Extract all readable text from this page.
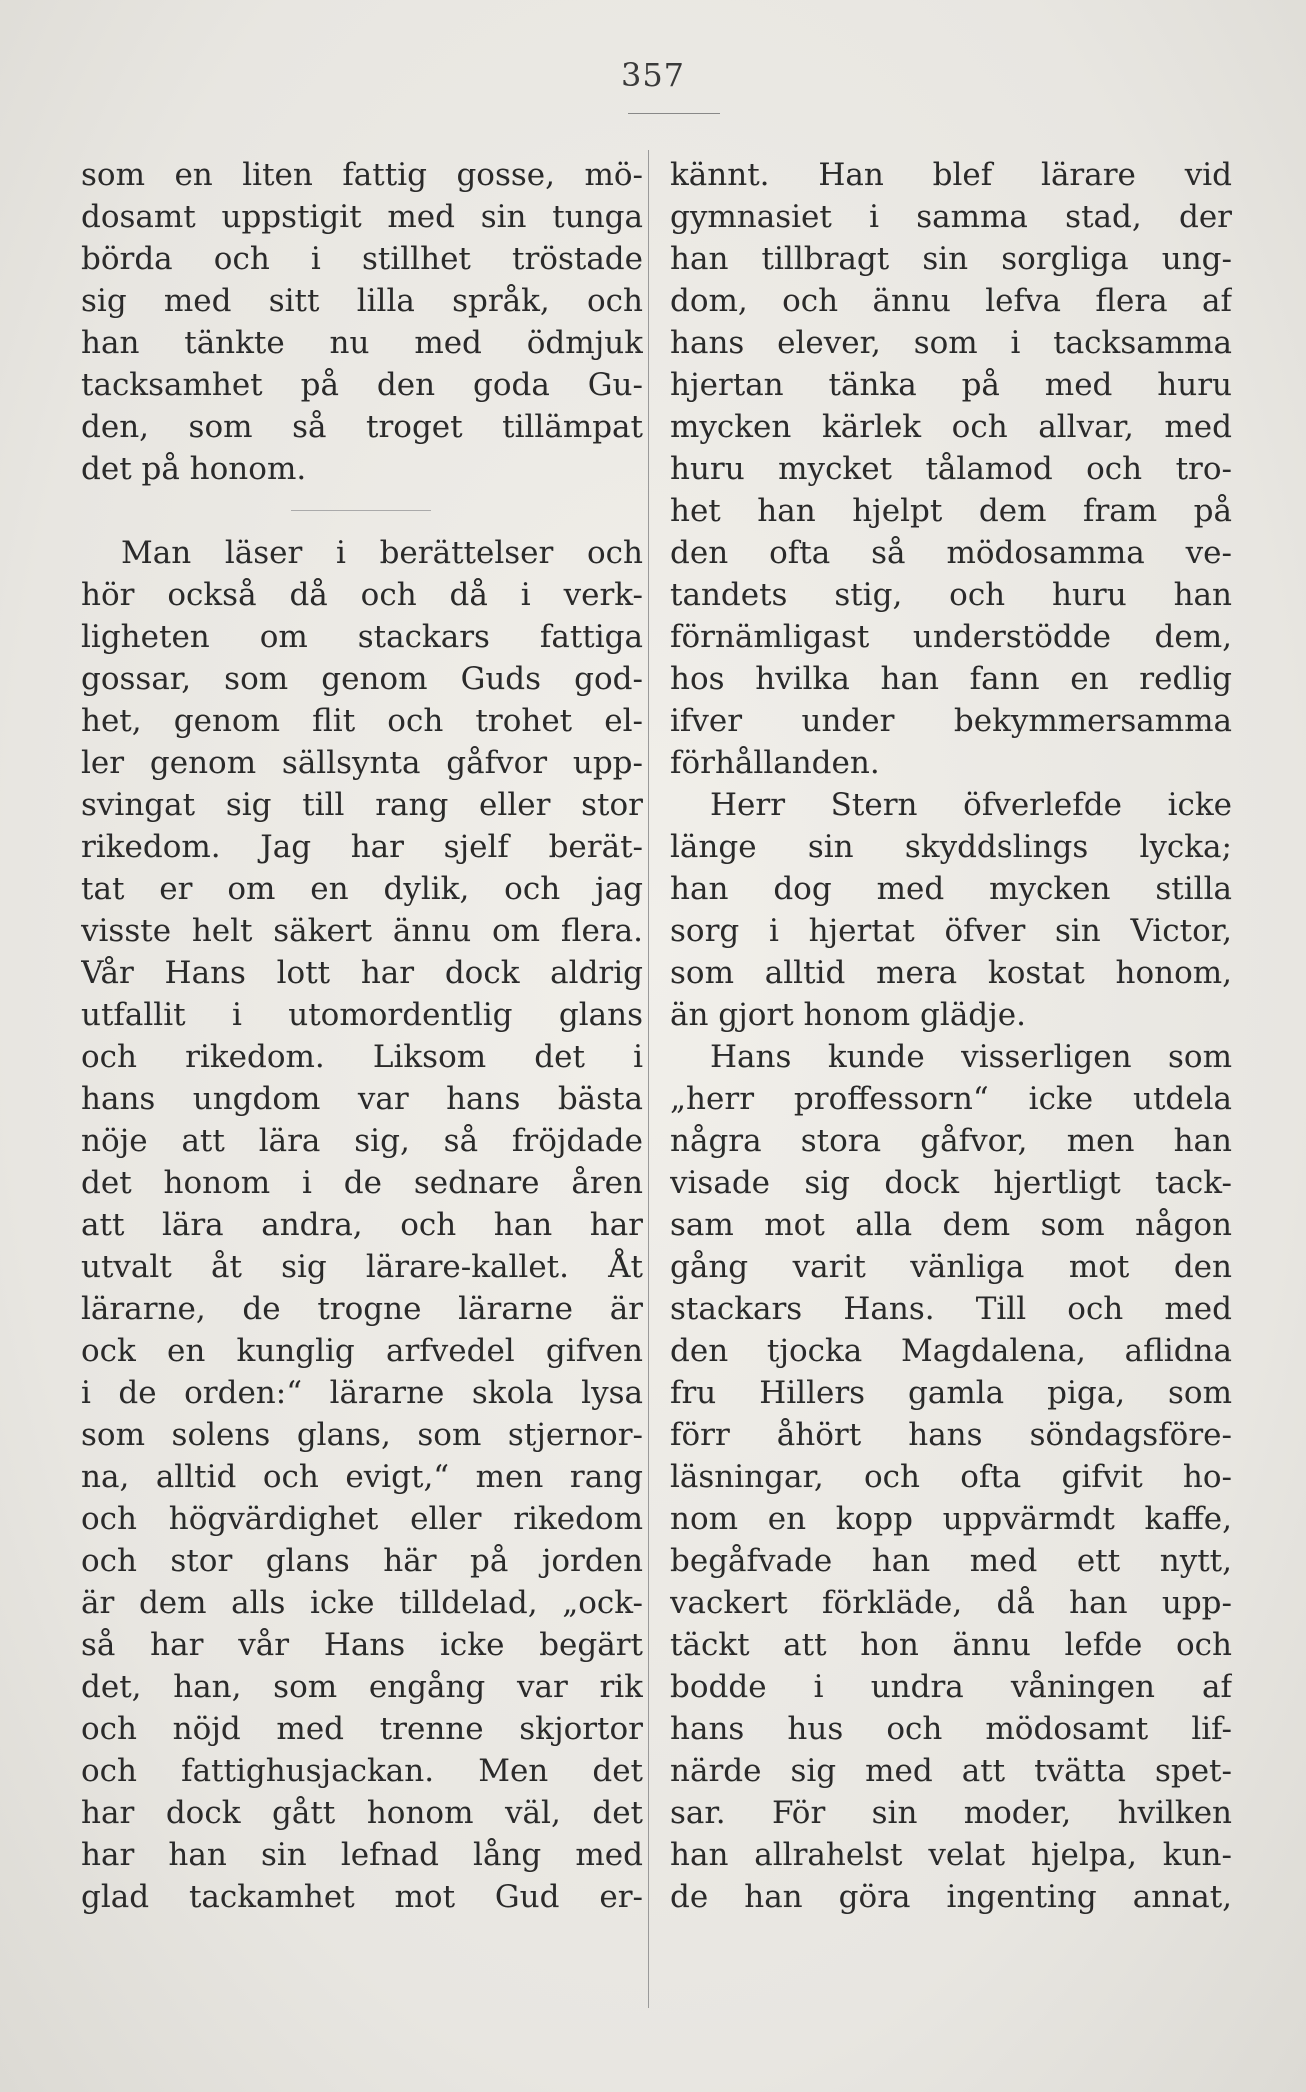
357
som en liten fattig gosse, mö-
dosamt uppstigit med sin tunga
börda och i stillhet tröstade
sig med sitt lilla språk, och
han tänkte nu med ödmjuk
tacksamhet på den goda Gu-
den, som så troget tillämpat
det på honom.
Man läser i berättelser och
hör också då och då i verk-
ligheten om stackars fattiga
gossar, som genom Guds god-
het, genom flit och trohet el-
ler genom sällsynta gåfvor upp-
svingat sig till rang eller stor
rikedom. Jag har sjelf berät-
tat er om en dylik, och jag
visste helt säkert ännu om flera.
Vår Hans lott har dock aldrig
utfallit i utomordentlig glans
och rikedom. Liksom det i
hans ungdom var hans bästa
nöje att lära sig, så fröjdade
det honom i de sednare åren
att lära andra, och han har
utvalt åt sig lärare-kallet. Åt
lärarne, de trogne lärarne är
ock en kunglig arfvedel gifven
i de orden:“ lärarne skola lysa
som solens glans, som stjernor-
na, alltid och evigt,“ men rang
och högvärdighet eller rikedom
och stor glans här på jorden
är dem alls icke tilldelad, „ock-
så har vår Hans icke begärt
det, han, som engång var rik
och nöjd med trenne skjortor
och fattighusjackan. Men det
har dock gått honom väl, det
har han sin lefnad lång med
glad tackamhet mot Gud er-
kännt. Han blef lärare vid
gymnasiet i samma stad, der
han tillbragt sin sorgliga ung-
dom, och ännu lefva flera af
hans elever, som i tacksamma
hjertan tänka på med huru
mycken kärlek och allvar, med
huru mycket tålamod och tro-
het han hjelpt dem fram på
den ofta så mödosamma ve-
tandets stig, och huru han
förnämligast understödde dem,
hos hvilka han fann en redlig
ifver under bekymmersamma
förhållanden.
Herr Stern öfverlefde icke
länge sin skyddslings lycka;
han dog med mycken stilla
sorg i hjertat öfver sin Victor,
som alltid mera kostat honom,
än gjort honom glädje.
Hans kunde visserligen som
„herr proffessorn“ icke utdela
några stora gåfvor, men han
visade sig dock hjertligt tack-
sam mot alla dem som någon
gång varit vänliga mot den
stackars Hans. Till och med
den tjocka Magdalena, aflidna
fru Hillers gamla piga, som
förr åhört hans söndagsföre-
läsningar, och ofta gifvit ho-
nom en kopp uppvärmdt kaffe,
begåfvade han med ett nytt,
vackert förkläde, då han upp-
täckt att hon ännu lefde och
bodde i undra våningen af
hans hus och mödosamt lif-
närde sig med att tvätta spet-
sar. För sin moder, hvilken
han allrahelst velat hjelpa, kun-
de han göra ingenting annat,
